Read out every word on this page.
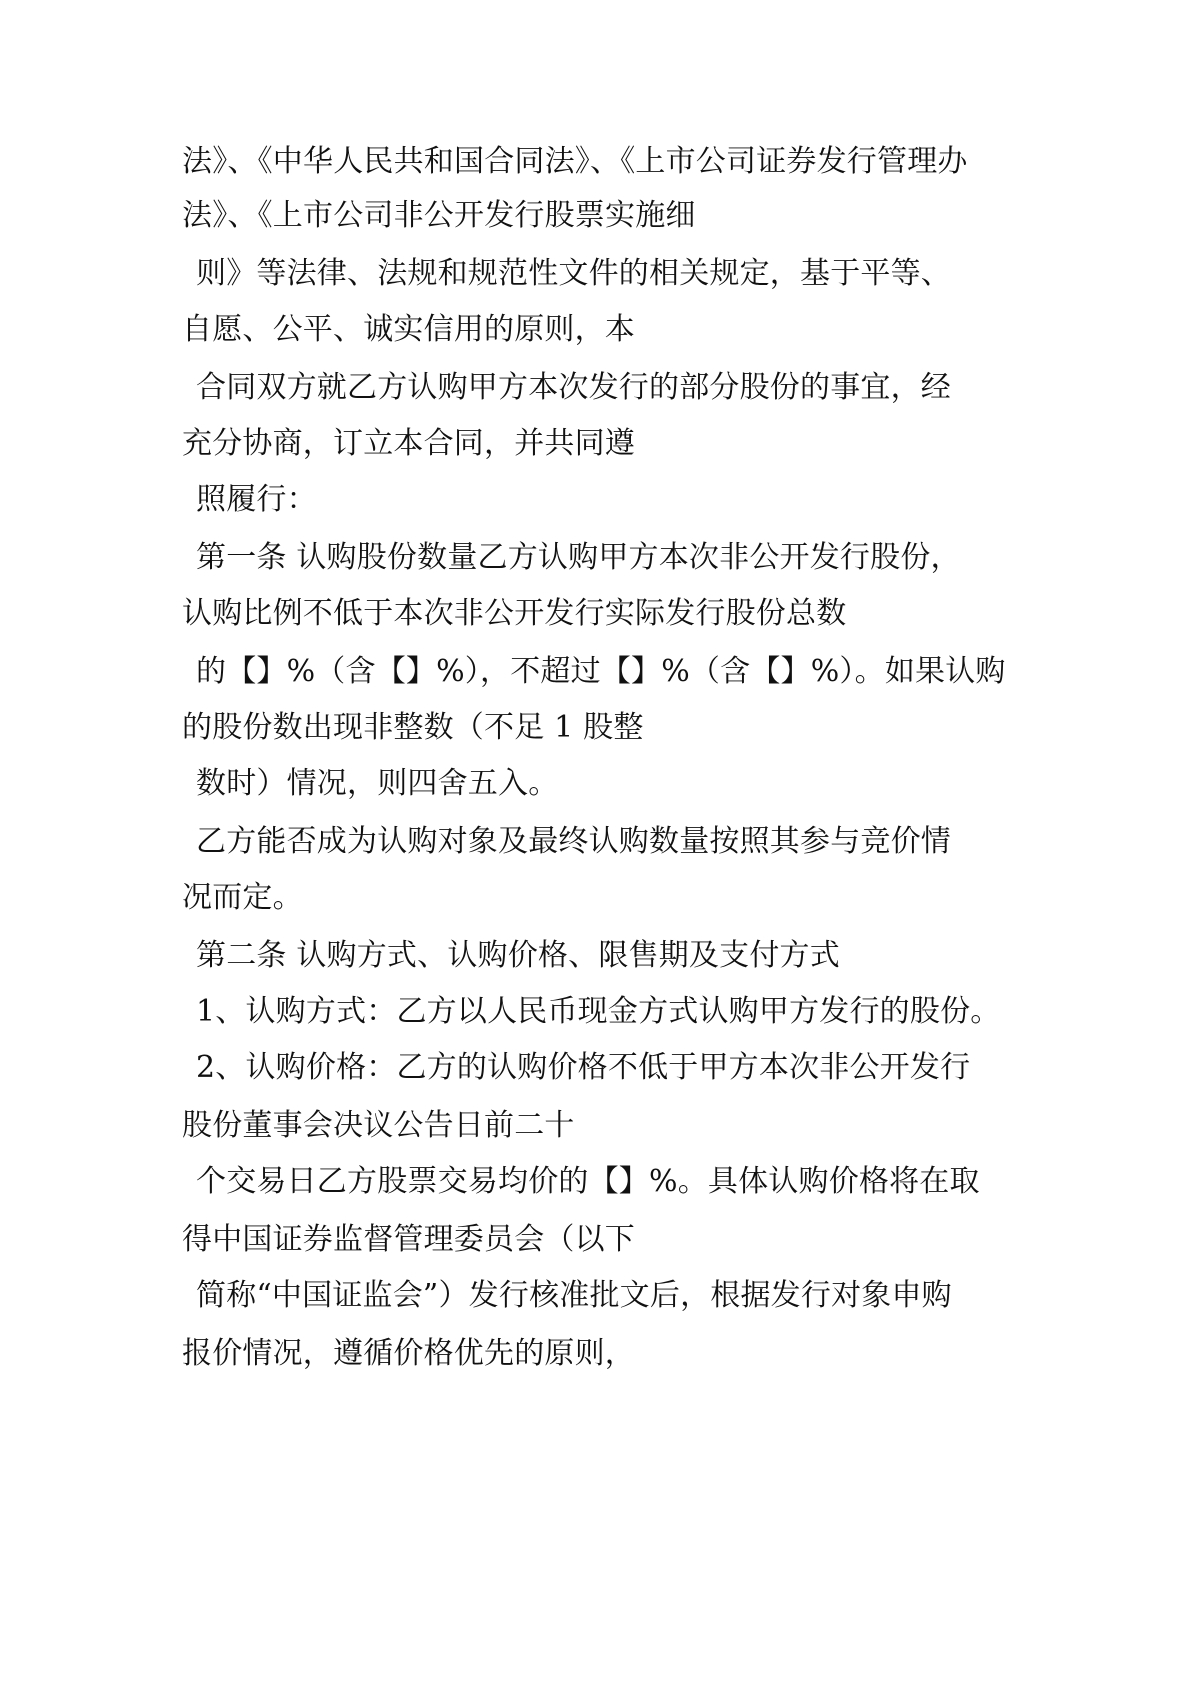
法》、《中华人民共和国合同法》、《上市公司证券发行管理办

法》、《上市公司非公开发行股票实施细

则》等法律、法规和规范性文件的相关规定，基于平等、

自愿、公平、诚实信用的原则，本

合同双方就乙方认购甲方本次发行的部分股份的事宜，经

充分协商，订立本合同，并共同遵

照履行：

第一条 认购股份数量乙方认购甲方本次非公开发行股份，

认购比例不低于本次非公开发行实际发行股份总数

的【】%（含【】%），不超过【】%（含【】%）。如果认购

的股份数出现非整数（不足 1 股整

数时）情况，则四舍五入。

乙方能否成为认购对象及最终认购数量按照其参与竞价情

况而定。

第二条 认购方式、认购价格、限售期及支付方式

1、认购方式：乙方以人民币现金方式认购甲方发行的股份。

2、认购价格：乙方的认购价格不低于甲方本次非公开发行

股份董事会决议公告日前二十

个交易日乙方股票交易均价的【】%。具体认购价格将在取

得中国证券监督管理委员会（以下

简称“中国证监会”）发行核准批文后，根据发行对象申购

报价情况，遵循价格优先的原则，
